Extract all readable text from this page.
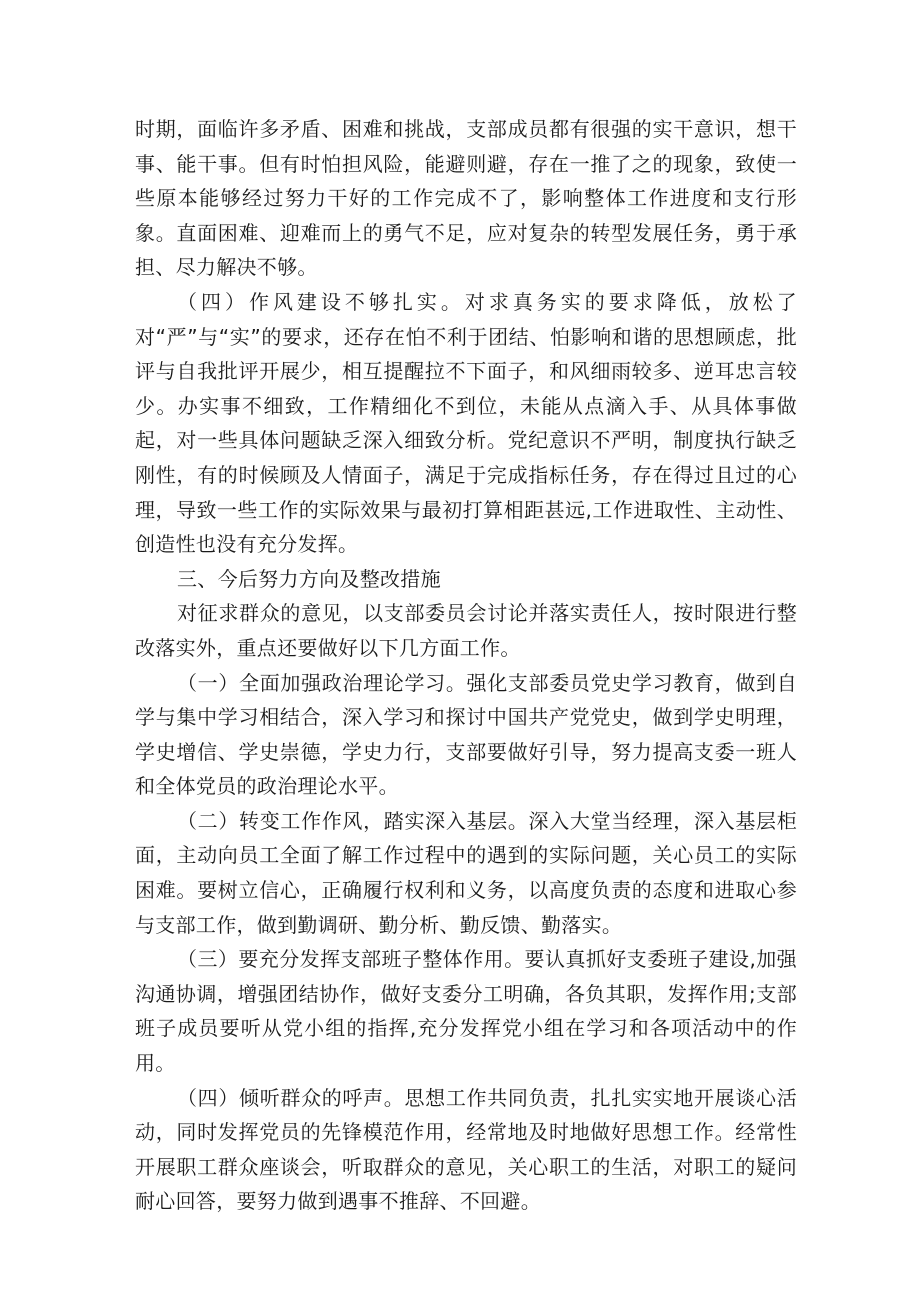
时期，面临许多矛盾、困难和挑战，支部成员都有很强的实干意识，想干事、能干事。但有时怕担风险，能避则避，存在一推了之的现象，致使一些原本能够经过努力干好的工作完成不了，影响整体工作进度和支行形象。直面困难、迎难而上的勇气不足，应对复杂的转型发展任务，勇于承担、尽力解决不够。

（四）作风建设不够扎实。对求真务实的要求降低，放松了对“严”与“实”的要求，还存在怕不利于团结、怕影响和谐的思想顾虑，批评与自我批评开展少，相互提醒拉不下面子，和风细雨较多、逆耳忠言较少。办实事不细致，工作精细化不到位，未能从点滴入手、从具体事做起，对一些具体问题缺乏深入细致分析。党纪意识不严明，制度执行缺乏刚性，有的时候顾及人情面子，满足于完成指标任务，存在得过且过的心理，导致一些工作的实际效果与最初打算相距甚远,工作进取性、主动性、创造性也没有充分发挥。

三、今后努力方向及整改措施

对征求群众的意见，以支部委员会讨论并落实责任人，按时限进行整改落实外，重点还要做好以下几方面工作。

（一）全面加强政治理论学习。强化支部委员党史学习教育，做到自学与集中学习相结合，深入学习和探讨中国共产党党史，做到学史明理，学史增信、学史崇德，学史力行，支部要做好引导，努力提高支委一班人和全体党员的政治理论水平。

（二）转变工作作风，踏实深入基层。深入大堂当经理，深入基层柜面，主动向员工全面了解工作过程中的遇到的实际问题，关心员工的实际困难。要树立信心，正确履行权利和义务，以高度负责的态度和进取心参与支部工作，做到勤调研、勤分析、勤反馈、勤落实。

（三）要充分发挥支部班子整体作用。要认真抓好支委班子建设,加强沟通协调，增强团结协作，做好支委分工明确，各负其职，发挥作用;支部班子成员要听从党小组的指挥,充分发挥党小组在学习和各项活动中的作用。

（四）倾听群众的呼声。思想工作共同负责，扎扎实实地开展谈心活动，同时发挥党员的先锋模范作用，经常地及时地做好思想工作。经常性开展职工群众座谈会，听取群众的意见，关心职工的生活，对职工的疑问耐心回答，要努力做到遇事不推辞、不回避。
